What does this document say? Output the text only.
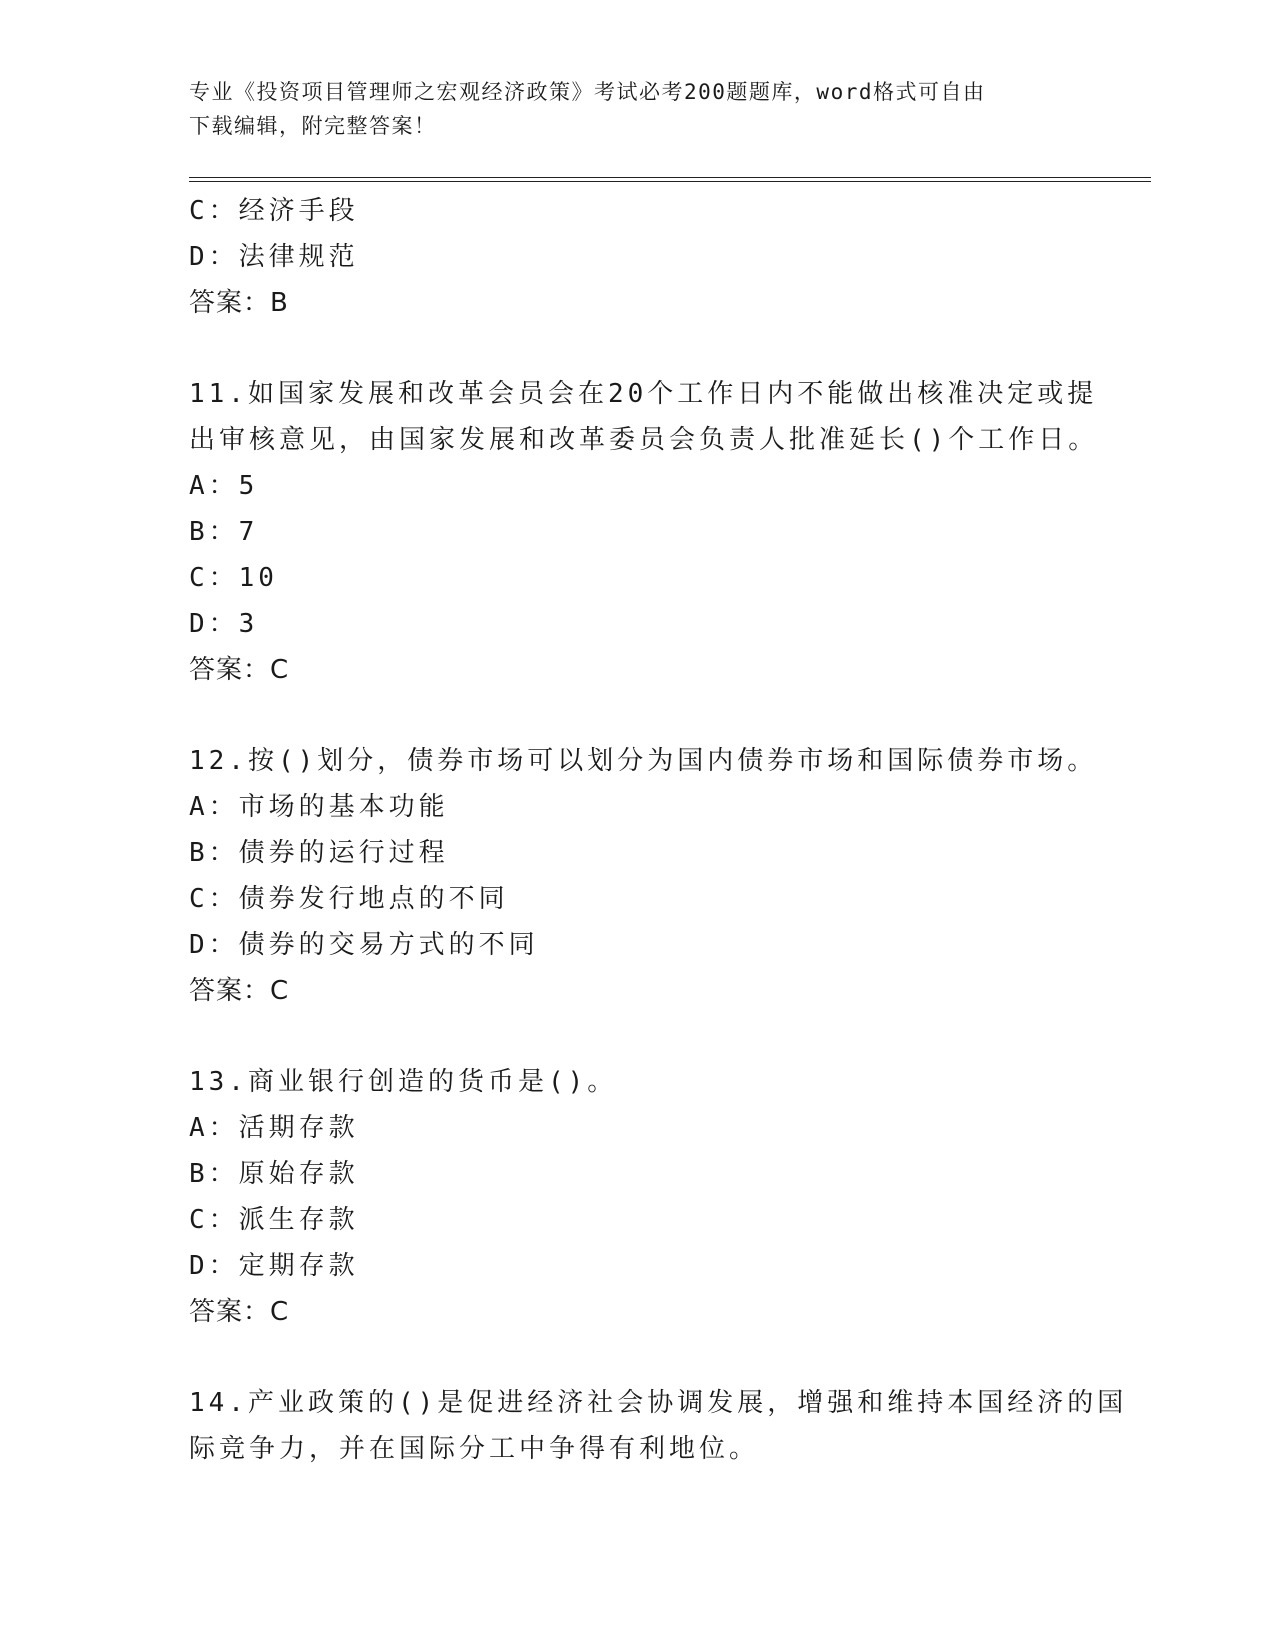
专业《投资项目管理师之宏观经济政策》考试必考200题题库，word格式可自由
下载编辑，附完整答案！
C：经济手段
D：法律规范
答案：B
11.如国家发展和改革会员会在20个工作日内不能做出核准决定或提
出审核意见，由国家发展和改革委员会负责人批准延长()个工作日。
A：5
B：7
C：10
D：3
答案：C
12.按()划分，债券市场可以划分为国内债券市场和国际债券市场。
A：市场的基本功能
B：债券的运行过程
C：债券发行地点的不同
D：债券的交易方式的不同
答案：C
13.商业银行创造的货币是()。
A：活期存款
B：原始存款
C：派生存款
D：定期存款
答案：C
14.产业政策的()是促进经济社会协调发展，增强和维持本国经济的国
际竞争力，并在国际分工中争得有利地位。
